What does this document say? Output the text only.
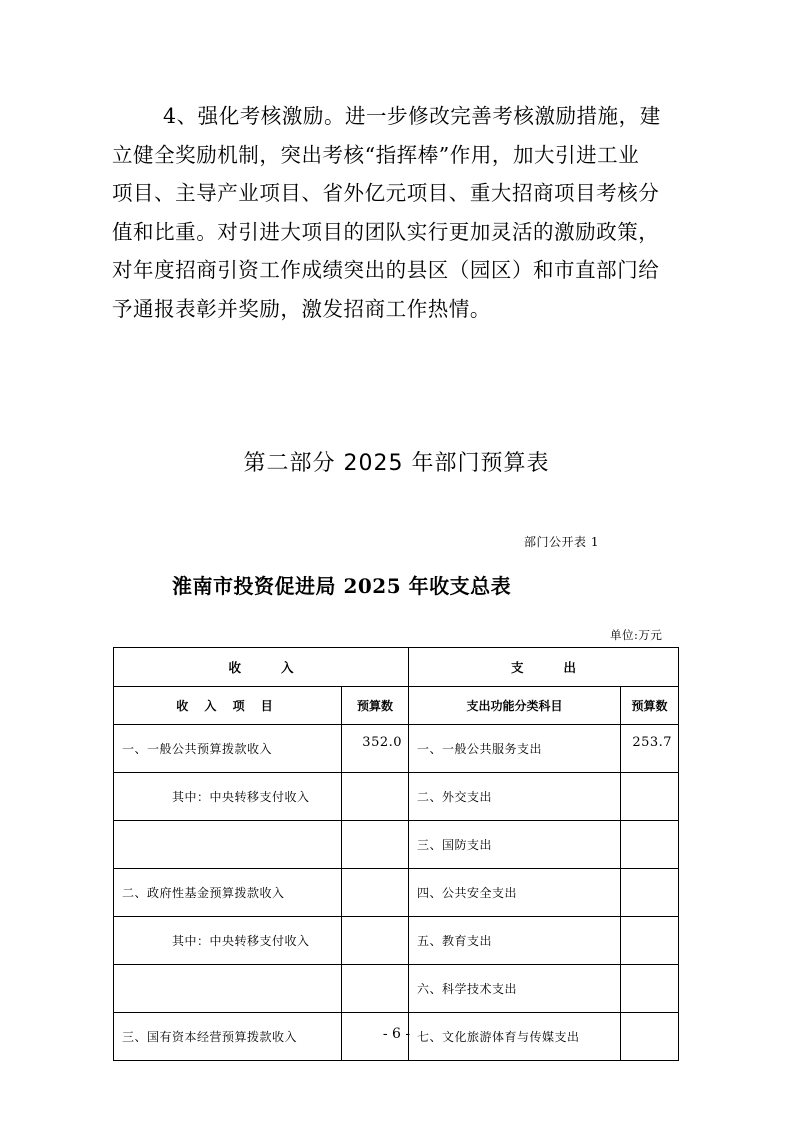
4、强化考核激励。进一步修改完善考核激励措施，建
立健全奖励机制，突出考核“指挥棒”作用，加大引进工业
项目、主导产业项目、省外亿元项目、重大招商项目考核分
值和比重。对引进大项目的团队实行更加灵活的激励政策，
对年度招商引资工作成绩突出的县区（园区）和市直部门给
予通报表彰并奖励，激发招商工作热情。
第二部分 2025 年部门预算表
部门公开表 1
淮南市投资促进局 2025 年收支总表
单位:万元
收入		支出	
收 入 项 目	预算数	支出功能分类科目	预算数
一、一般公共预算拨款收入	352.0	一、一般公共服务支出	253.7
其中：中央转移支付收入		二、外交支出	
		三、国防支出	
二、政府性基金预算拨款收入		四、公共安全支出	
其中：中央转移支付收入		五、教育支出	
		六、科学技术支出	
三、国有资本经营预算拨款收入		七、文化旅游体育与传媒支出	
- 6 -
